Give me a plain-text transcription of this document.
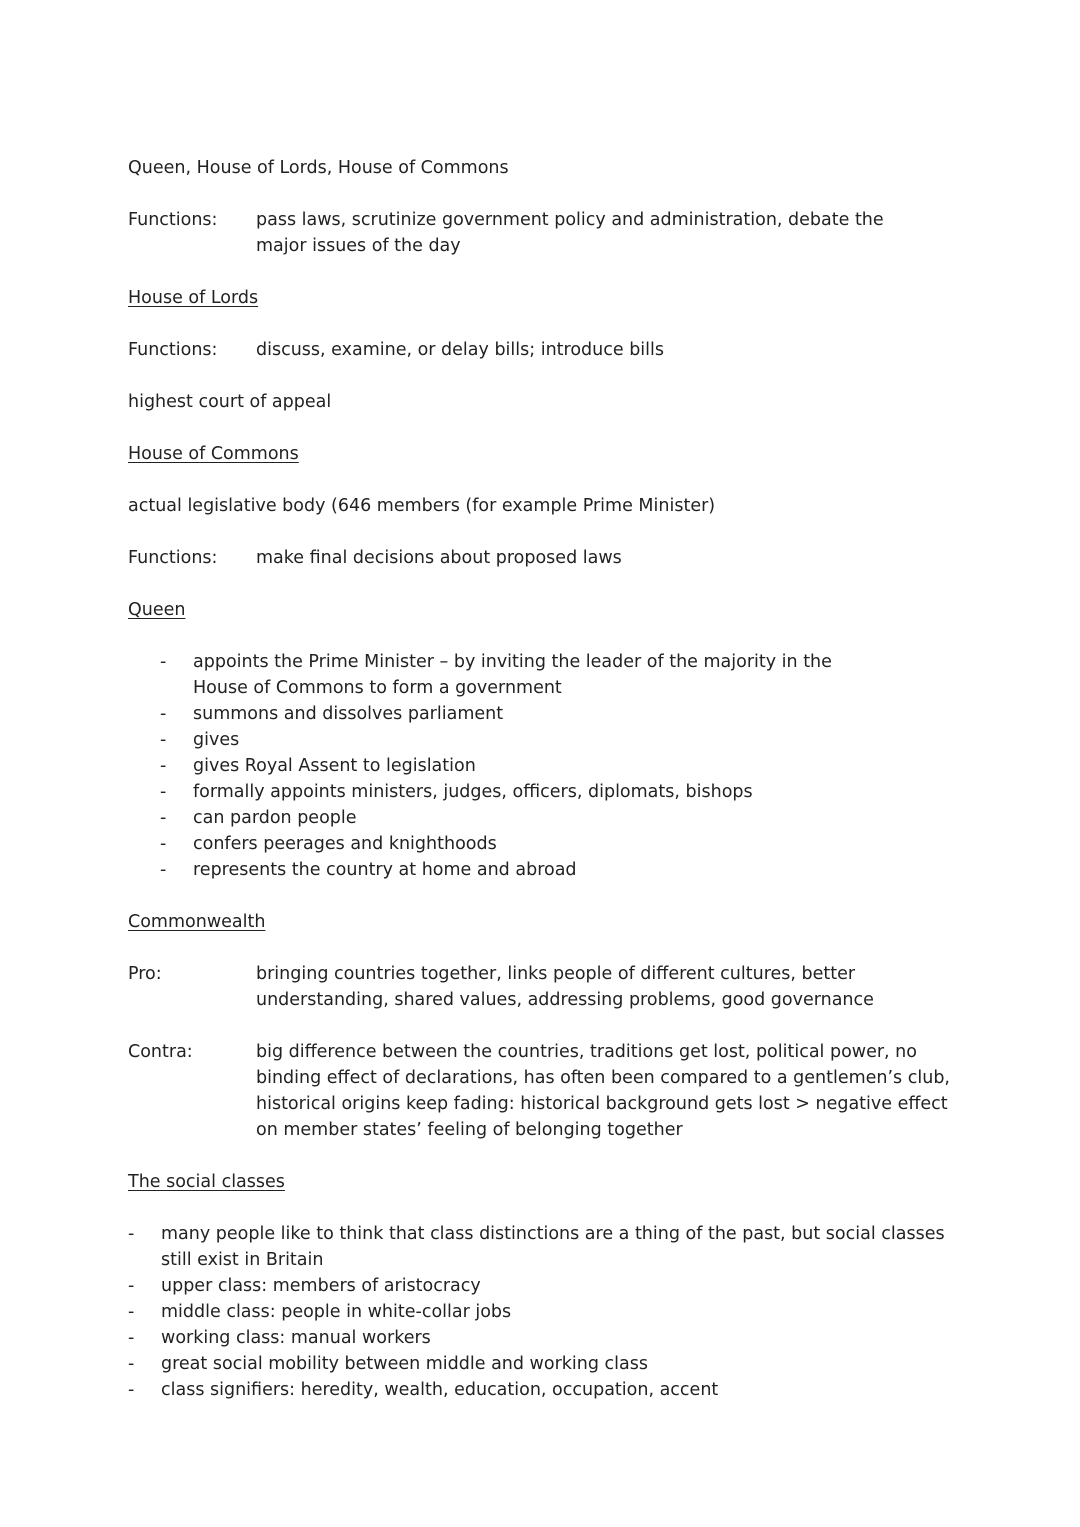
Queen, House of Lords, House of Commons
Functions:	pass laws, scrutinize government policy and administration, debate the major issues of the day
House of Lords
Functions:	discuss, examine, or delay bills; introduce bills
highest court of appeal
House of Commons
actual legislative body (646 members (for example Prime Minister)
Functions:	make final decisions about proposed laws
Queen
- appoints the Prime Minister – by inviting the leader of the majority in the House of Commons to form a government
- summons and dissolves parliament
- gives
- gives Royal Assent to legislation
- formally appoints ministers, judges, officers, diplomats, bishops
- can pardon people
- confers peerages and knighthoods
- represents the country at home and abroad
Commonwealth
Pro:	bringing countries together, links people of different cultures, better understanding, shared values, addressing problems, good governance
Contra:	big difference between the countries, traditions get lost, political power, no binding effect of declarations, has often been compared to a gentlemen’s club, historical origins keep fading: historical background gets lost > negative effect on member states’ feeling of belonging together
The social classes
- many people like to think that class distinctions are a thing of the past, but social classes still exist in Britain
- upper class: members of aristocracy
- middle class: people in white-collar jobs
- working class: manual workers
- great social mobility between middle and working class
- class signifiers: heredity, wealth, education, occupation, accent
